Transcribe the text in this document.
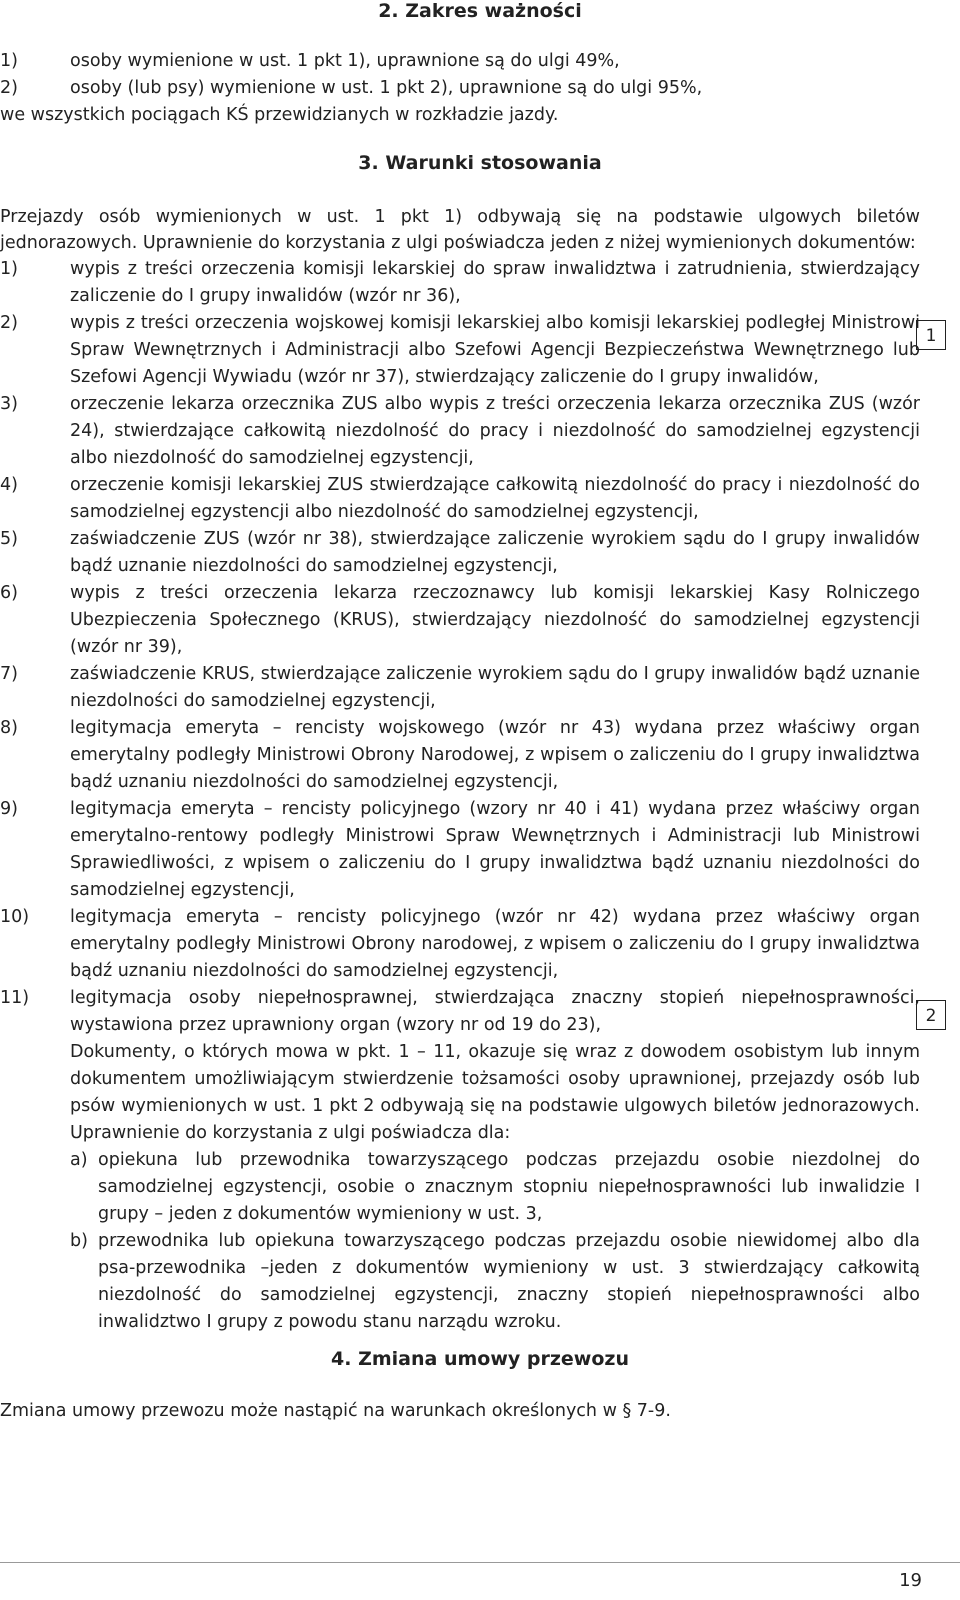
2. Zakres ważności
1)	osoby wymienione w ust. 1 pkt 1), uprawnione są do ulgi 49%,
2)	osoby (lub psy) wymienione w ust. 1 pkt 2), uprawnione są do ulgi 95%,
we wszystkich pociągach KŚ przewidzianych w rozkładzie jazdy.
3. Warunki stosowania
Przejazdy osób wymienionych w ust. 1 pkt 1) odbywają się na podstawie ulgowych biletów jednorazowych. Uprawnienie do korzystania z ulgi poświadcza jeden z niżej wymienionych dokumentów:
1)	wypis z treści orzeczenia komisji lekarskiej do spraw inwalidztwa i zatrudnienia, stwierdzający zaliczenie do I grupy inwalidów (wzór nr 36),
2)	wypis z treści orzeczenia wojskowej komisji lekarskiej albo komisji lekarskiej podległej Ministrowi Spraw Wewnętrznych i Administracji albo Szefowi Agencji Bezpieczeństwa Wewnętrznego lub Szefowi Agencji Wywiadu (wzór nr 37), stwierdzający zaliczenie do I grupy inwalidów,
3)	orzeczenie lekarza orzecznika ZUS albo wypis z treści orzeczenia lekarza orzecznika ZUS (wzór 24), stwierdzające całkowitą niezdolność do pracy i niezdolność do samodzielnej egzystencji albo niezdolność do samodzielnej egzystencji,
4)	orzeczenie komisji lekarskiej ZUS stwierdzające całkowitą niezdolność do pracy i niezdolność do samodzielnej egzystencji albo niezdolność do samodzielnej egzystencji,
5)	zaświadczenie ZUS (wzór nr 38), stwierdzające zaliczenie wyrokiem sądu do I grupy inwalidów bądź uznanie niezdolności do samodzielnej egzystencji,
6)	wypis z treści orzeczenia lekarza rzeczoznawcy lub komisji lekarskiej Kasy Rolniczego Ubezpieczenia Społecznego (KRUS), stwierdzający niezdolność do samodzielnej egzystencji (wzór nr 39),
7)	zaświadczenie KRUS, stwierdzające zaliczenie wyrokiem sądu do I grupy inwalidów bądź uznanie niezdolności do samodzielnej egzystencji,
8)	legitymacja emeryta – rencisty wojskowego (wzór nr 43) wydana przez właściwy organ emerytalny podległy Ministrowi Obrony Narodowej, z wpisem o zaliczeniu do I grupy inwalidztwa bądź uznaniu niezdolności do samodzielnej egzystencji,
9)	legitymacja emeryta – rencisty policyjnego (wzory nr 40 i 41) wydana przez właściwy organ emerytalno-rentowy podległy Ministrowi Spraw Wewnętrznych i Administracji lub Ministrowi Sprawiedliwości, z wpisem o zaliczeniu do I grupy inwalidztwa bądź uznaniu niezdolności do samodzielnej egzystencji,
10)	legitymacja emeryta – rencisty policyjnego (wzór nr 42) wydana przez właściwy organ emerytalny podległy Ministrowi Obrony narodowej, z wpisem o zaliczeniu do I grupy inwalidztwa bądź uznaniu niezdolności do samodzielnej egzystencji,
11)	legitymacja osoby niepełnosprawnej, stwierdzająca znaczny stopień niepełnosprawności, wystawiona przez uprawniony organ (wzory nr od 19 do 23),
Dokumenty, o których mowa w pkt. 1 – 11, okazuje się wraz z dowodem osobistym lub innym dokumentem umożliwiającym stwierdzenie tożsamości osoby uprawnionej, przejazdy osób lub psów wymienionych w ust. 1 pkt 2 odbywają się na podstawie ulgowych biletów jednorazowych. Uprawnienie do korzystania z ulgi poświadcza dla:
a) opiekuna lub przewodnika towarzyszącego podczas przejazdu osobie niezdolnej do samodzielnej egzystencji, osobie o znacznym stopniu niepełnosprawności lub inwalidzie I grupy – jeden z dokumentów wymieniony w ust. 3,
b) przewodnika lub opiekuna towarzyszącego podczas przejazdu osobie niewidomej albo dla psa-przewodnika –jeden z dokumentów wymieniony w ust. 3 stwierdzający całkowitą niezdolność do samodzielnej egzystencji, znaczny stopień niepełnosprawności albo inwalidztwo I grupy z powodu stanu narządu wzroku.
4. Zmiana umowy przewozu
Zmiana umowy przewozu może nastąpić na warunkach określonych w § 7-9.
1
2
19
